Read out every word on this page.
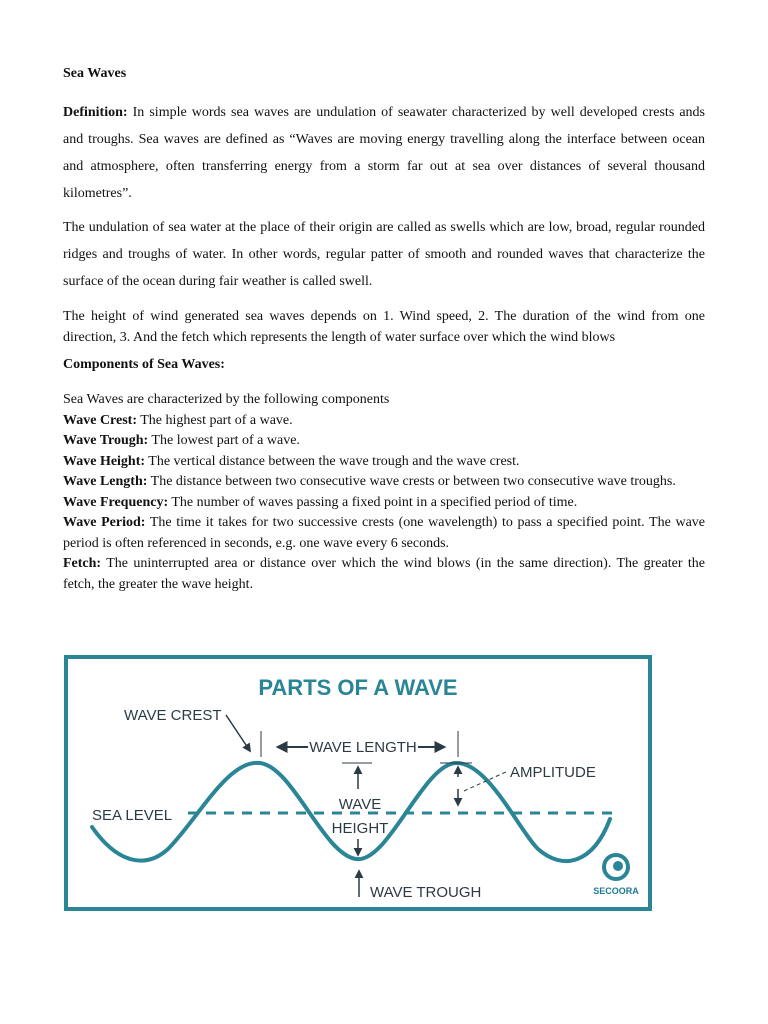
Sea Waves

Definition: In simple words sea waves are undulation of seawater characterized by well developed crests ands and troughs. Sea waves are defined as “Waves are moving energy travelling along the interface between ocean and atmosphere, often transferring energy from a storm far out at sea over distances of several thousand kilometres”.

The undulation of sea water at the place of their origin are called as swells which are low, broad, regular rounded ridges and troughs of water. In other words, regular patter of smooth and rounded waves that characterize the surface of the ocean during fair weather is called swell.

The height of wind generated sea waves depends on 1. Wind speed, 2. The duration of the wind from one direction, 3. And the fetch which represents the length of water surface over which the wind blows

Components of Sea Waves:
Sea Waves are characterized by the following components
Wave Crest: The highest part of a wave.
Wave Trough: The lowest part of a wave.
Wave Height: The vertical distance between the wave trough and the wave crest.
Wave Length: The distance between two consecutive wave crests or between two consecutive wave troughs.
Wave Frequency: The number of waves passing a fixed point in a specified period of time.
Wave Period: The time it takes for two successive crests (one wavelength) to pass a specified point. The wave period is often referenced in seconds, e.g. one wave every 6 seconds.
Fetch: The uninterrupted area or distance over which the wind blows (in the same direction). The greater the fetch, the greater the wave height.
PARTS OF A WAVE
WAVE CREST
WAVE LENGTH
AMPLITUDE
SEA LEVEL
WAVE
HEIGHT
WAVE TROUGH	SECOORA
